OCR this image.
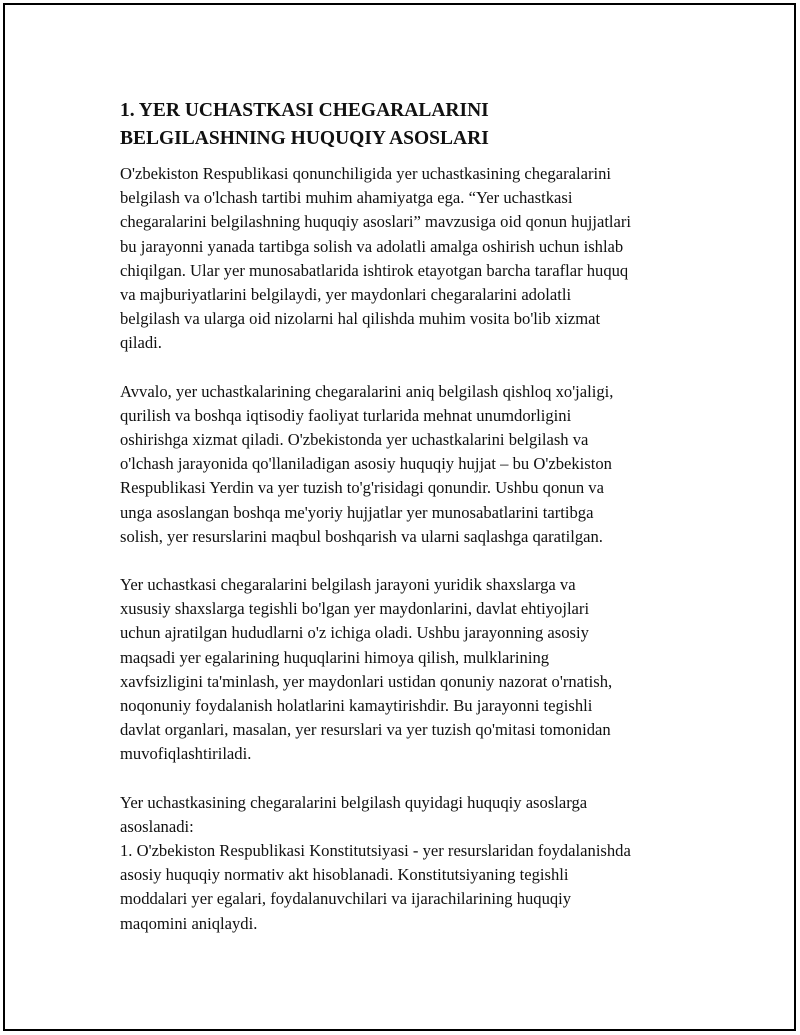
1. YER UCHASTKASI CHEGARALARINI
BELGILASHNING HUQUQIY ASOSLARI

O'zbekiston Respublikasi qonunchiligida yer uchastkasining chegaralarini
belgilash va o'lchash tartibi muhim ahamiyatga ega. “Yer uchastkasi
chegaralarini belgilashning huquqiy asoslari” mavzusiga oid qonun hujjatlari
bu jarayonni yanada tartibga solish va adolatli amalga oshirish uchun ishlab
chiqilgan. Ular yer munosabatlarida ishtirok etayotgan barcha taraflar huquq
va majburiyatlarini belgilaydi, yer maydonlari chegaralarini adolatli
belgilash va ularga oid nizolarni hal qilishda muhim vosita bo'lib xizmat
qiladi.

Avvalo, yer uchastkalarining chegaralarini aniq belgilash qishloq xo'jaligi,
qurilish va boshqa iqtisodiy faoliyat turlarida mehnat unumdorligini
oshirishga xizmat qiladi. O'zbekistonda yer uchastkalarini belgilash va
o'lchash jarayonida qo'llaniladigan asosiy huquqiy hujjat – bu O'zbekiston
Respublikasi Yerdin va yer tuzish to'g'risidagi qonundir. Ushbu qonun va
unga asoslangan boshqa me'yoriy hujjatlar yer munosabatlarini tartibga
solish, yer resurslarini maqbul boshqarish va ularni saqlashga qaratilgan.

Yer uchastkasi chegaralarini belgilash jarayoni yuridik shaxslarga va
xususiy shaxslarga tegishli bo'lgan yer maydonlarini, davlat ehtiyojlari
uchun ajratilgan hududlarni o'z ichiga oladi. Ushbu jarayonning asosiy
maqsadi yer egalarining huquqlarini himoya qilish, mulklarining
xavfsizligini ta'minlash, yer maydonlari ustidan qonuniy nazorat o'rnatish,
noqonuniy foydalanish holatlarini kamaytirishdir. Bu jarayonni tegishli
davlat organlari, masalan, yer resurslari va yer tuzish qo'mitasi tomonidan
muvofiqlashtiriladi.

Yer uchastkasining chegaralarini belgilash quyidagi huquqiy asoslarga
asoslanadi:
1. O'zbekiston Respublikasi Konstitutsiyasi - yer resurslaridan foydalanishda
asosiy huquqiy normativ akt hisoblanadi. Konstitutsiyaning tegishli
moddalari yer egalari, foydalanuvchilari va ijarachilarining huquqiy
maqomini aniqlaydi.
